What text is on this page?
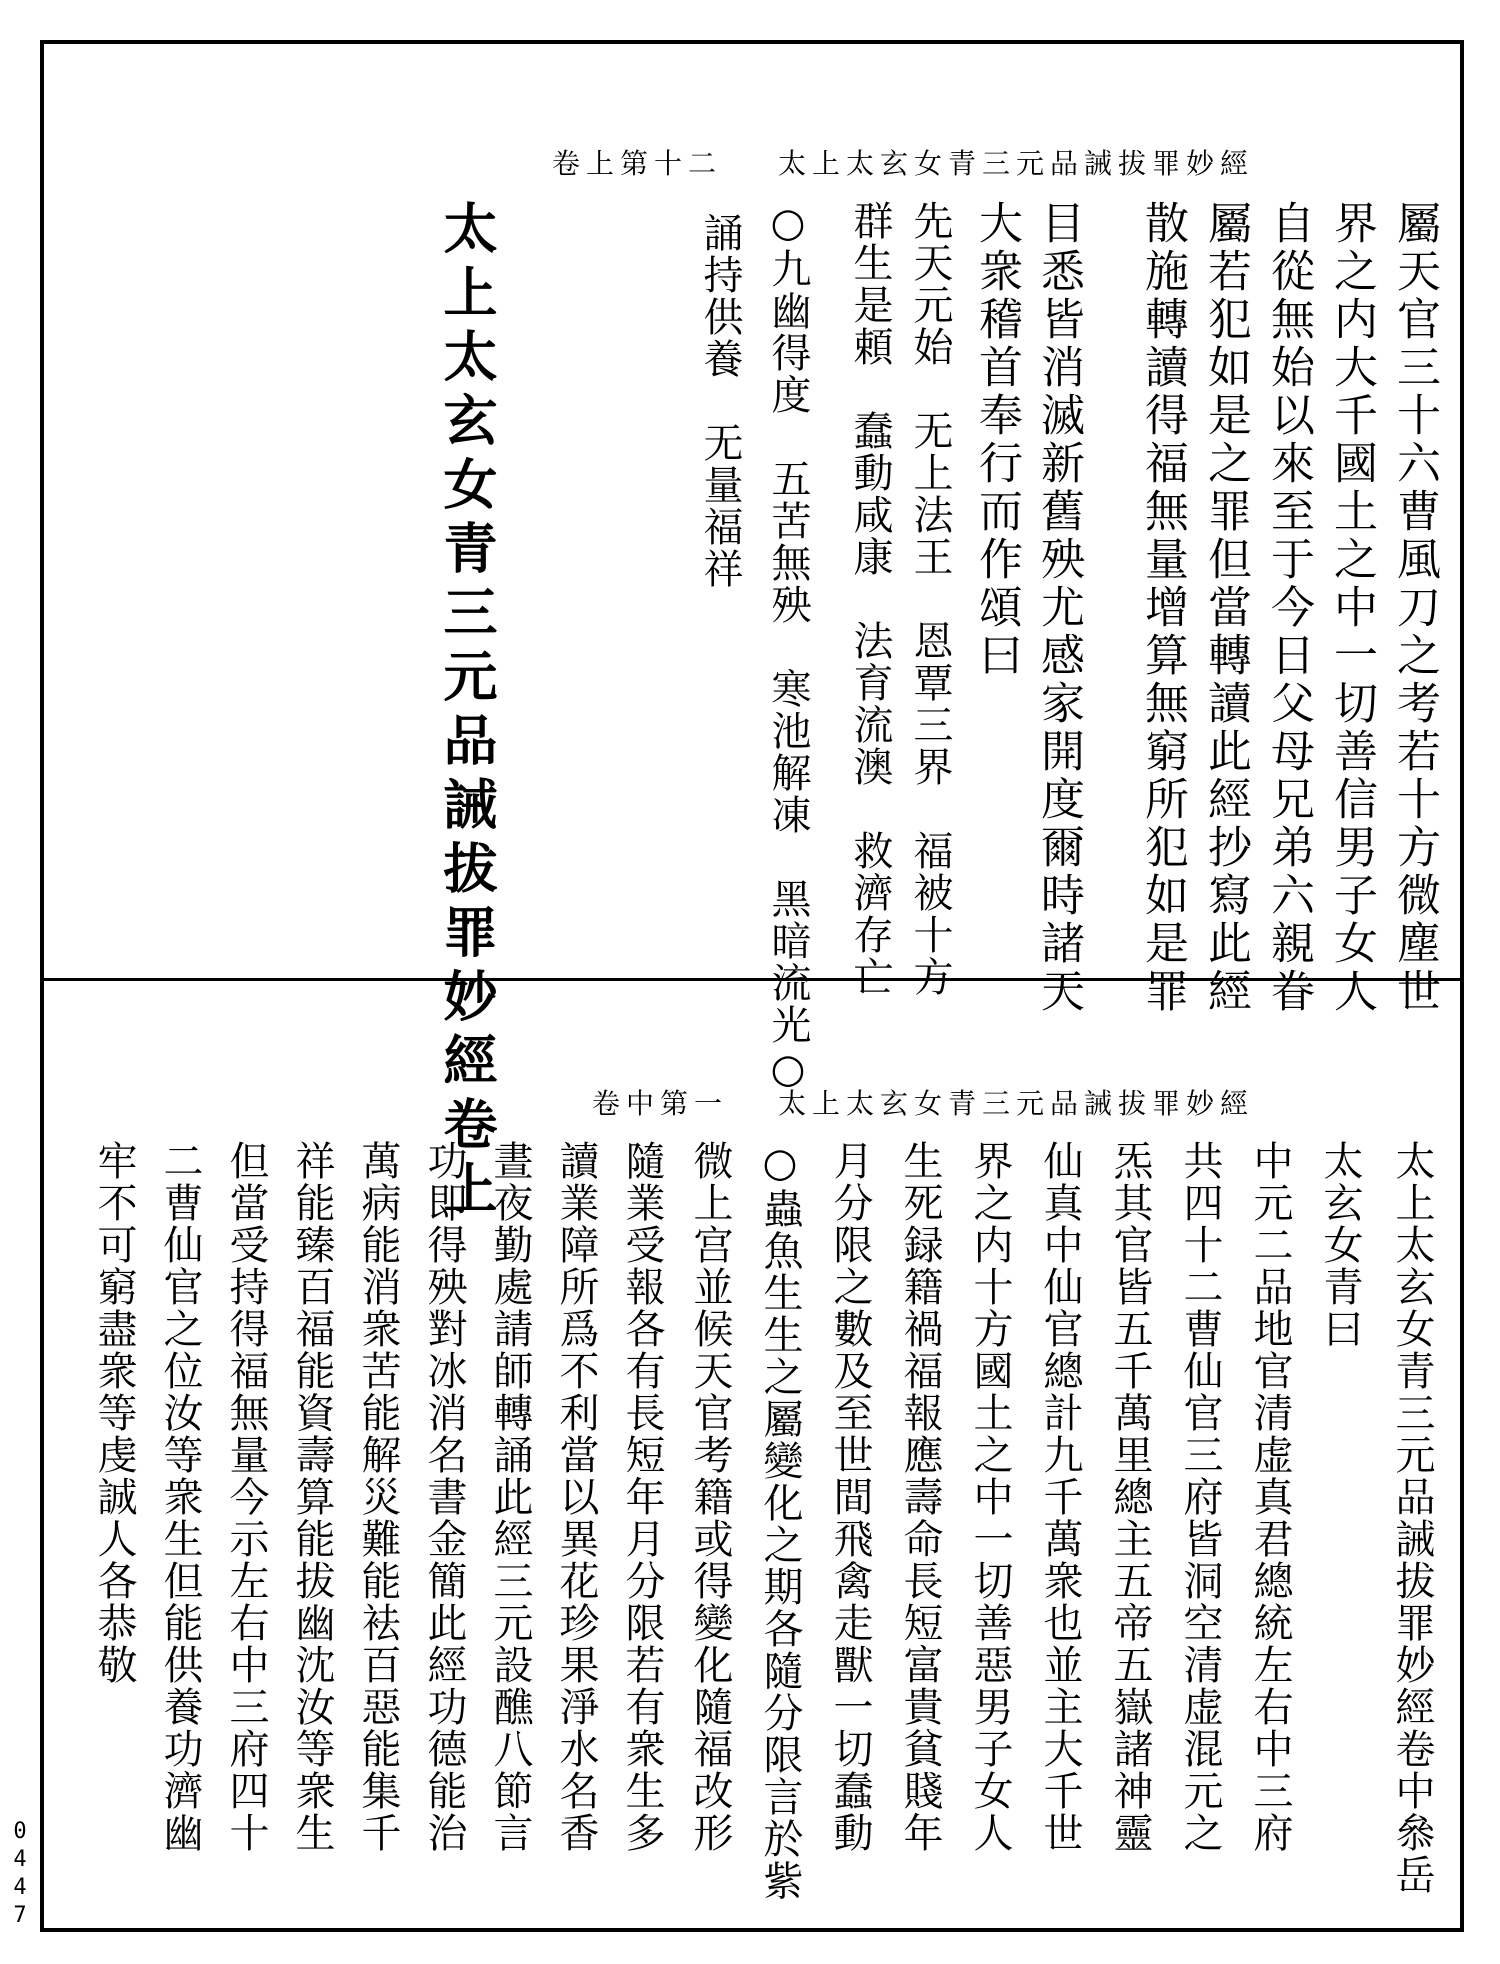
太上太玄女青三元品誡拔罪妙經
卷上第十二
屬天官三十六曹風刀之考若十方微塵世
界之内大千國土之中一切善信男子女人
自從無始以來至于今日父母兄弟六親眷
屬若犯如是之罪但當轉讀此經抄寫此經
散施轉讀得福無量增算無窮所犯如是罪
目悉皆消滅新舊殃尤感家開度爾時諸天
大衆稽首奉行而作頌曰
先天元始　无上法王　恩覃三界　福被十方
群生是頼　蠢動咸康　法育流澳　救濟存亡
○九幽得度　五苦無殃　寒池解凍　黑暗流光○
誦持供養　无量福祥
太上太玄女青三元品誡拔罪妙經卷上	太上太玄女青三元品誡拔罪妙經
卷中第一
太上太玄女青三元品誡拔罪妙經卷中叅岳
太玄女青曰
中元二品地官清虚真君總統左右中三府
共四十二曹仙官三府皆洞空清虚混元之
炁其官皆五千萬里總主五帝五嶽諸神靈
仙真中仙官總計九千萬衆也並主大千世
界之内十方國土之中一切善惡男子女人
生死録籍禍福報應壽命長短富貴貧賤年
月分限之數及至世間飛禽走獸一切蠢動
○蟲魚生生之屬變化之期各隨分限言於紫
微上宫並候天官考籍或得變化隨福改形
隨業受報各有長短年月分限若有衆生多
讀業障所爲不利當以異花珍果淨水名香
晝夜勤處請師轉誦此經三元設醮八節言
功即得殃對冰消名書金簡此經功德能治
萬病能消衆苦能解災難能袪百惡能集千
祥能臻百福能資壽算能拔幽沈汝等衆生
但當受持得福無量今示左右中三府四十
二曹仙官之位汝等衆生但能供養功濟幽
牢不可窮盡衆等虔誠人各恭敬
0
4
4
7
